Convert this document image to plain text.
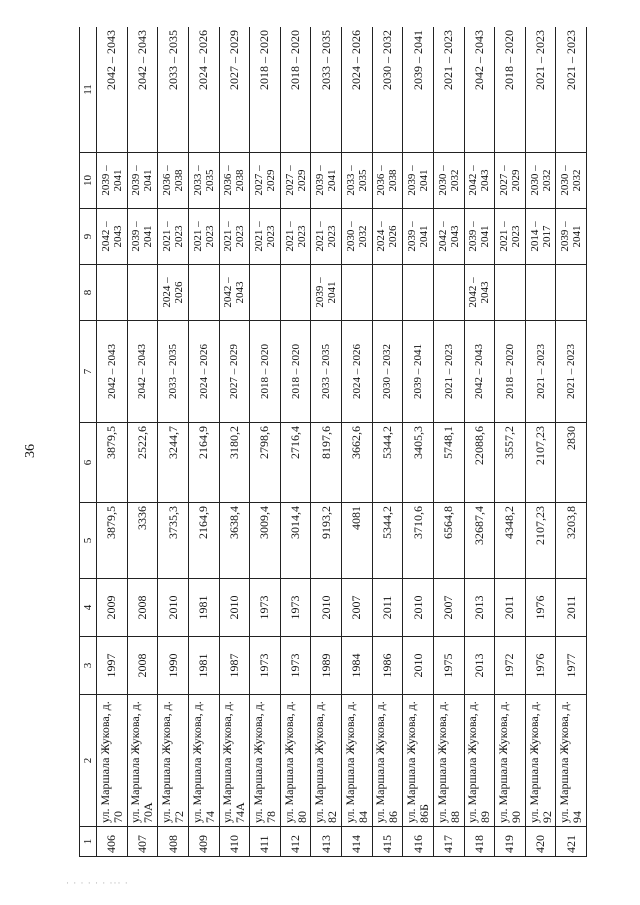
36
· · · · · · ··· ·
1	2	3	4	5	6	7	8	9	10	11
406	ул. Маршала Жукова, д. 70	1997	2009	3879,5	3879,5	2042 – 2043		2042 – 2043	2039 – 2041	2042 – 2043
407	ул. Маршала Жукова, д. 70А	2008	2008	3336	2522,6	2042 – 2043		2039 – 2041	2039 – 2041	2042 – 2043
408	ул. Маршала Жукова, д. 72	1990	2010	3735,3	3244,7	2033 – 2035	2024 – 2026	2021 – 2023	2036 – 2038	2033 – 2035
409	ул. Маршала Жукова, д. 74	1981	1981	2164,9	2164,9	2024 – 2026		2021 – 2023	2033 – 2035	2024 – 2026
410	ул. Маршала Жукова, д. 74А	1987	2010	3638,4	3180,2	2027 – 2029	2042 – 2043	2021 – 2023	2036 – 2038	2027 – 2029
411	ул. Маршала Жукова, д. 78	1973	1973	3009,4	2798,6	2018 – 2020		2021 – 2023	2027 – 2029	2018 – 2020
412	ул. Маршала Жукова, д. 80	1973	1973	3014,4	2716,4	2018 – 2020		2021 – 2023	2027 – 2029	2018 – 2020
413	ул. Маршала Жукова, д. 82	1989	2010	9193,2	8197,6	2033 – 2035	2039 – 2041	2021 – 2023	2039 – 2041	2033 – 2035
414	ул. Маршала Жукова, д. 84	1984	2007	4081	3662,6	2024 – 2026		2030 – 2032	2033 – 2035	2024 – 2026
415	ул. Маршала Жукова, д. 86	1986	2011	5344,2	5344,2	2030 – 2032		2024 – 2026	2036 – 2038	2030 – 2032
416	ул. Маршала Жукова, д. 86Б	2010	2010	3710,6	3405,3	2039 – 2041		2039 – 2041	2039 – 2041	2039 – 2041
417	ул. Маршала Жукова, д. 88	1975	2007	6564,8	5748,1	2021 – 2023		2042 – 2043	2030 – 2032	2021 – 2023
418	ул. Маршала Жукова, д. 89	2013	2013	32687,4	22088,6	2042 – 2043	2042 – 2043	2039 – 2041	2042 – 2043	2042 – 2043
419	ул. Маршала Жукова, д. 90	1972	2011	4348,2	3557,2	2018 – 2020		2021 – 2023	2027 – 2029	2018 – 2020
420	ул. Маршала Жукова, д. 92	1976	1976	2107,23	2107,23	2021 – 2023		2014 – 2017	2030 – 2032	2021 – 2023
421	ул. Маршала Жукова, д. 94	1977	2011	3203,8	2830	2021 – 2023		2039 – 2041	2030 – 2032	2021 – 2023
